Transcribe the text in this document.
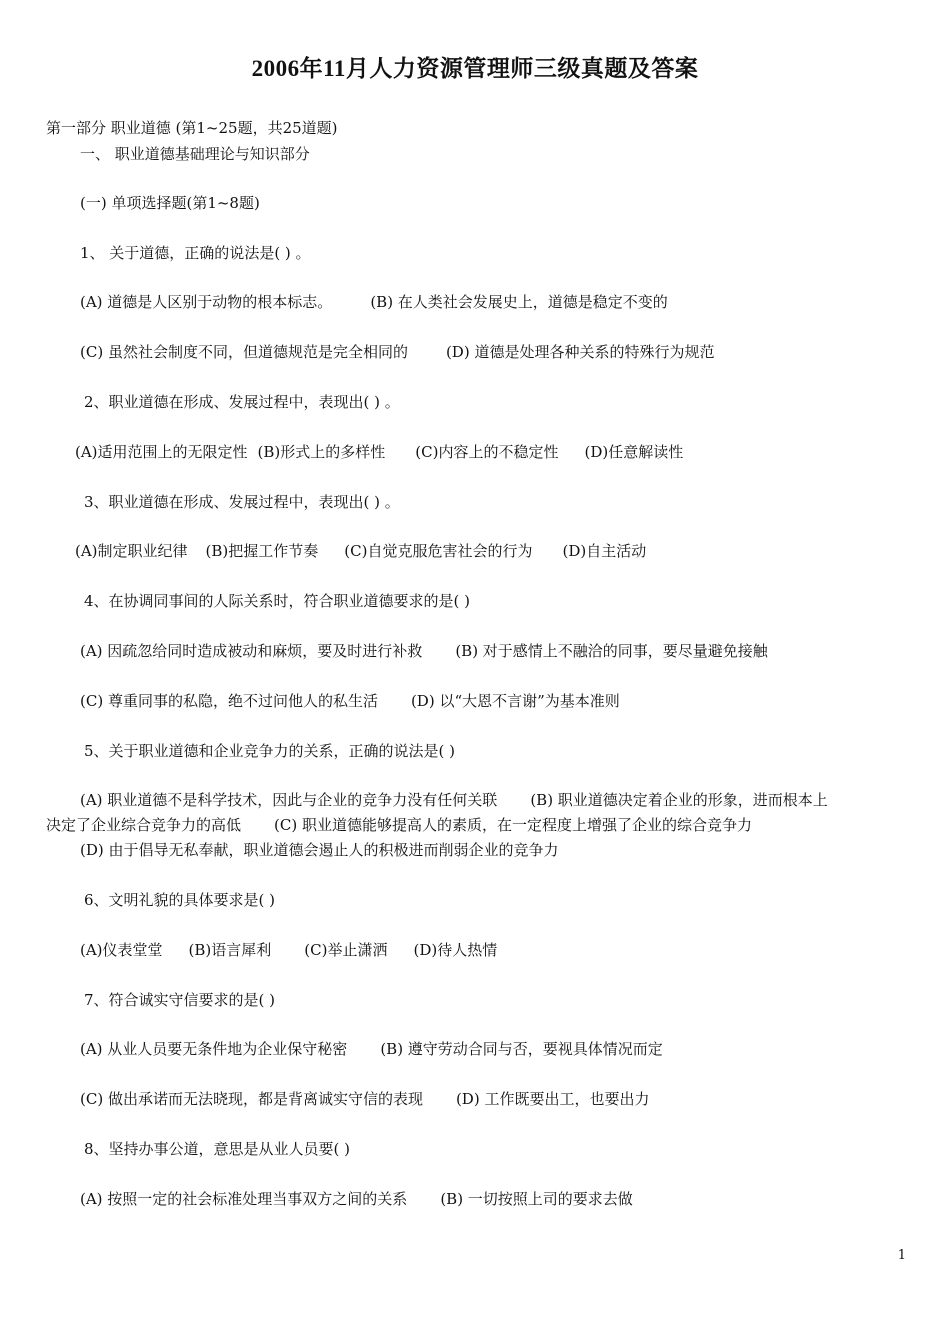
2006年11月人力资源管理师三级真题及答案
第一部分 职业道德 (第1~25题，共25道题)
一、 职业道德基础理论与知识部分
(一) 单项选择题(第1~8题)
1、 关于道德，正确的说法是( ) 。
(A) 道德是人区别于动物的根本标志。	(B) 在人类社会发展史上，道德是稳定不变的
(C) 虽然社会制度不同，但道德规范是完全相同的	(D) 道德是处理各种关系的特殊行为规范
2、职业道德在形成、发展过程中，表现出( ) 。
(A)适用范围上的无限定性 (B)形式上的多样性 (C)内容上的不稳定性 (D)任意解读性
3、职业道德在形成、发展过程中，表现出( ) 。
(A)制定职业纪律 (B)把握工作节奏 (C)自觉克服危害社会的行为 (D)自主活动
4、在协调同事间的人际关系时，符合职业道德要求的是( )
(A) 因疏忽给同时造成被动和麻烦，要及时进行补救 (B) 对于感情上不融洽的同事，要尽量避免接触
(C) 尊重同事的私隐，绝不过问他人的私生活 (D) 以“大恩不言谢”为基本准则
5、关于职业道德和企业竞争力的关系，正确的说法是( )
(A) 职业道德不是科学技术，因此与企业的竞争力没有任何关联 (B) 职业道德决定着企业的形象，进而根本上
决定了企业综合竞争力的高低 (C) 职业道德能够提高人的素质，在一定程度上增强了企业的综合竞争力
(D) 由于倡导无私奉献，职业道德会遏止人的积极进而削弱企业的竞争力
6、文明礼貌的具体要求是( )
(A)仪表堂堂 (B)语言犀利 (C)举止潇洒 (D)待人热情
7、符合诚实守信要求的是( )
(A) 从业人员要无条件地为企业保守秘密 (B) 遵守劳动合同与否，要视具体情况而定
(C) 做出承诺而无法晓现，都是背离诚实守信的表现 (D) 工作既要出工，也要出力
8、坚持办事公道，意思是从业人员要( )
(A) 按照一定的社会标准处理当事双方之间的关系 (B) 一切按照上司的要求去做
1
